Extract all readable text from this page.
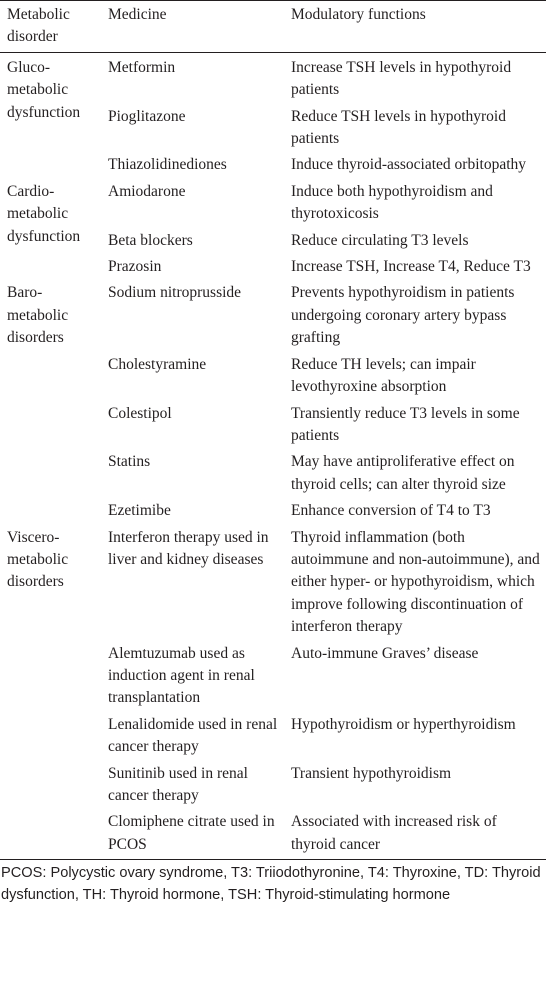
Metabolic disorder	Medicine	Modulatory functions
Gluco-metabolic dysfunction	Metformin	Increase TSH levels in hypothyroid patients
	Pioglitazone	Reduce TSH levels in hypothyroid patients
	Thiazolidinediones	Induce thyroid-associated orbitopathy
Cardio-metabolic dysfunction	Amiodarone	Induce both hypothyroidism and thyrotoxicosis
	Beta blockers	Reduce circulating T3 levels
	Prazosin	Increase TSH, Increase T4, Reduce T3
Baro-metabolic disorders	Sodium nitroprusside	Prevents hypothyroidism in patients undergoing coronary artery bypass grafting
	Cholestyramine	Reduce TH levels; can impair levothyroxine absorption
	Colestipol	Transiently reduce T3 levels in some patients
	Statins	May have antiproliferative effect on thyroid cells; can alter thyroid size
	Ezetimibe	Enhance conversion of T4 to T3
Viscero-metabolic disorders	Interferon therapy used in liver and kidney diseases	Thyroid inflammation (both autoimmune and non-autoimmune), and either hyper- or hypothyroidism, which improve following discontinuation of interferon therapy
	Alemtuzumab used as induction agent in renal transplantation	Auto-immune Graves’ disease
	Lenalidomide used in renal cancer therapy	Hypothyroidism or hyperthyroidism
	Sunitinib used in renal cancer therapy	Transient hypothyroidism
	Clomiphene citrate used in PCOS	Associated with increased risk of thyroid cancer
PCOS: Polycystic ovary syndrome, T3: Triiodothyronine, T4: Thyroxine, TD: Thyroid dysfunction, TH: Thyroid hormone, TSH: Thyroid-stimulating hormone
